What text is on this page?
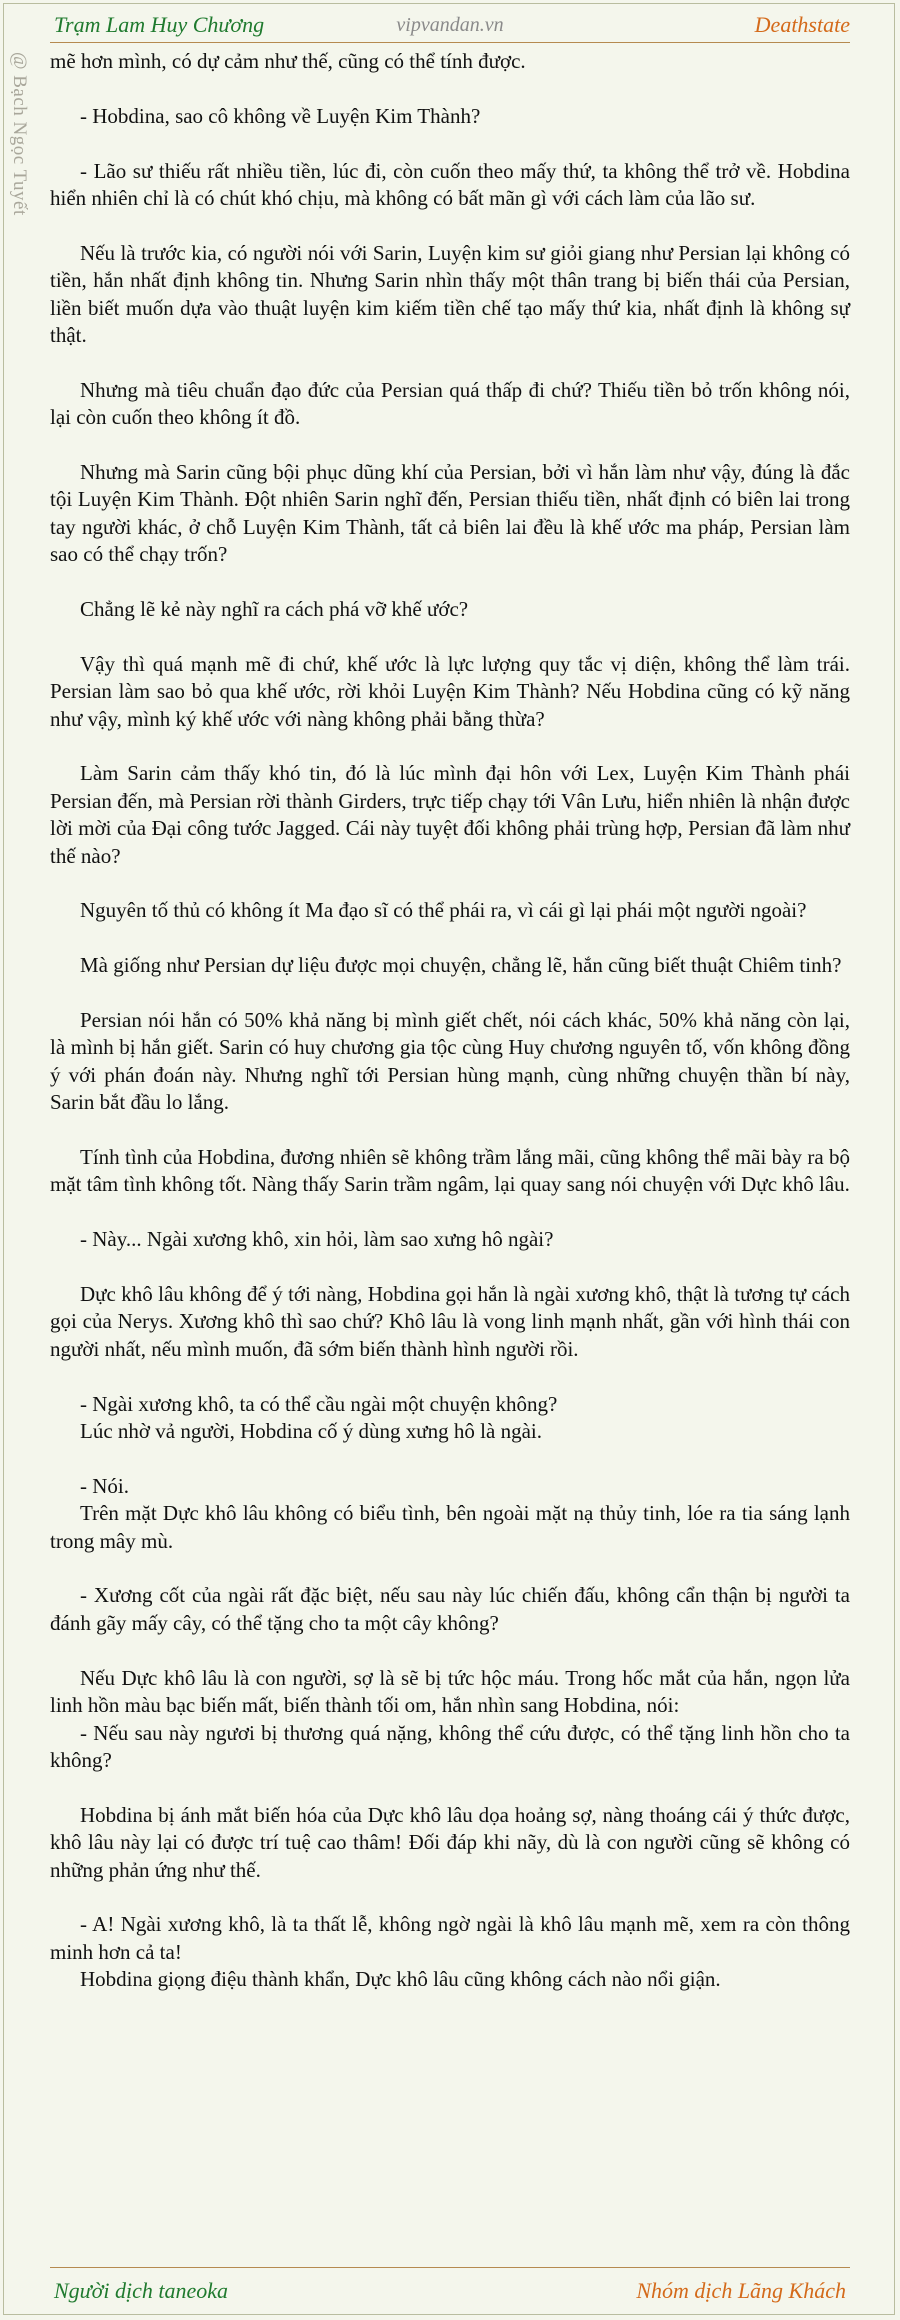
Trạm Lam Huy Chương	vipvandan.vn	Deathstate
@ Bạch Ngọc Tuyết mẽ hơn mình, có dự cảm như thế, cũng có thể tính được.

- Hobdina, sao cô không về Luyện Kim Thành?

- Lão sư thiếu rất nhiều tiền, lúc đi, còn cuốn theo mấy thứ, ta không thể trở về. Hobdina hiển nhiên chỉ là có chút khó chịu, mà không có bất mãn gì với cách làm của lão sư.

Nếu là trước kia, có người nói với Sarin, Luyện kim sư giỏi giang như Persian lại không có tiền, hắn nhất định không tin. Nhưng Sarin nhìn thấy một thân trang bị biến thái của Persian, liền biết muốn dựa vào thuật luyện kim kiếm tiền chế tạo mấy thứ kia, nhất định là không sự thật.

Nhưng mà tiêu chuẩn đạo đức của Persian quá thấp đi chứ? Thiếu tiền bỏ trốn không nói, lại còn cuốn theo không ít đồ.

Nhưng mà Sarin cũng bội phục dũng khí của Persian, bởi vì hắn làm như vậy, đúng là đắc tội Luyện Kim Thành. Đột nhiên Sarin nghĩ đến, Persian thiếu tiền, nhất định có biên lai trong tay người khác, ở chỗ Luyện Kim Thành, tất cả biên lai đều là khế ước ma pháp, Persian làm sao có thể chạy trốn?

Chẳng lẽ kẻ này nghĩ ra cách phá vỡ khế ước?

Vậy thì quá mạnh mẽ đi chứ, khế ước là lực lượng quy tắc vị diện, không thể làm trái. Persian làm sao bỏ qua khế ước, rời khỏi Luyện Kim Thành? Nếu Hobdina cũng có kỹ năng như vậy, mình ký khế ước với nàng không phải bằng thừa?

Làm Sarin cảm thấy khó tin, đó là lúc mình đại hôn với Lex, Luyện Kim Thành phái Persian đến, mà Persian rời thành Girders, trực tiếp chạy tới Vân Lưu, hiển nhiên là nhận được lời mời của Đại công tước Jagged. Cái này tuyệt đối không phải trùng hợp, Persian đã làm như thế nào?

Nguyên tố thủ có không ít Ma đạo sĩ có thể phái ra, vì cái gì lại phái một người ngoài?

Mà giống như Persian dự liệu được mọi chuyện, chẳng lẽ, hắn cũng biết thuật Chiêm tinh?

Persian nói hắn có 50% khả năng bị mình giết chết, nói cách khác, 50% khả năng còn lại, là mình bị hắn giết. Sarin có huy chương gia tộc cùng Huy chương nguyên tố, vốn không đồng ý với phán đoán này. Nhưng nghĩ tới Persian hùng mạnh, cùng những chuyện thần bí này, Sarin bắt đầu lo lắng.

Tính tình của Hobdina, đương nhiên sẽ không trầm lắng mãi, cũng không thể mãi bày ra bộ mặt tâm tình không tốt. Nàng thấy Sarin trầm ngâm, lại quay sang nói chuyện với Dực khô lâu.

- Này... Ngài xương khô, xin hỏi, làm sao xưng hô ngài?

Dực khô lâu không để ý tới nàng, Hobdina gọi hắn là ngài xương khô, thật là tương tự cách gọi của Nerys. Xương khô thì sao chứ? Khô lâu là vong linh mạnh nhất, gần với hình thái con người nhất, nếu mình muốn, đã sớm biến thành hình người rồi.

- Ngài xương khô, ta có thể cầu ngài một chuyện không?

Lúc nhờ vả người, Hobdina cố ý dùng xưng hô là ngài.

- Nói.

Trên mặt Dực khô lâu không có biểu tình, bên ngoài mặt nạ thủy tinh, lóe ra tia sáng lạnh trong mây mù.

- Xương cốt của ngài rất đặc biệt, nếu sau này lúc chiến đấu, không cẩn thận bị người ta đánh gãy mấy cây, có thể tặng cho ta một cây không?

Nếu Dực khô lâu là con người, sợ là sẽ bị tức hộc máu. Trong hốc mắt của hắn, ngọn lửa linh hồn màu bạc biến mất, biến thành tối om, hắn nhìn sang Hobdina, nói:

- Nếu sau này ngươi bị thương quá nặng, không thể cứu được, có thể tặng linh hồn cho ta không?

Hobdina bị ánh mắt biến hóa của Dực khô lâu dọa hoảng sợ, nàng thoáng cái ý thức được, khô lâu này lại có được trí tuệ cao thâm! Đối đáp khi nãy, dù là con người cũng sẽ không có những phản ứng như thế.

- A! Ngài xương khô, là ta thất lễ, không ngờ ngài là khô lâu mạnh mẽ, xem ra còn thông minh hơn cả ta!

Hobdina giọng điệu thành khẩn, Dực khô lâu cũng không cách nào nổi giận.

Người dịch taneoka	Nhóm dịch Lãng Khách
